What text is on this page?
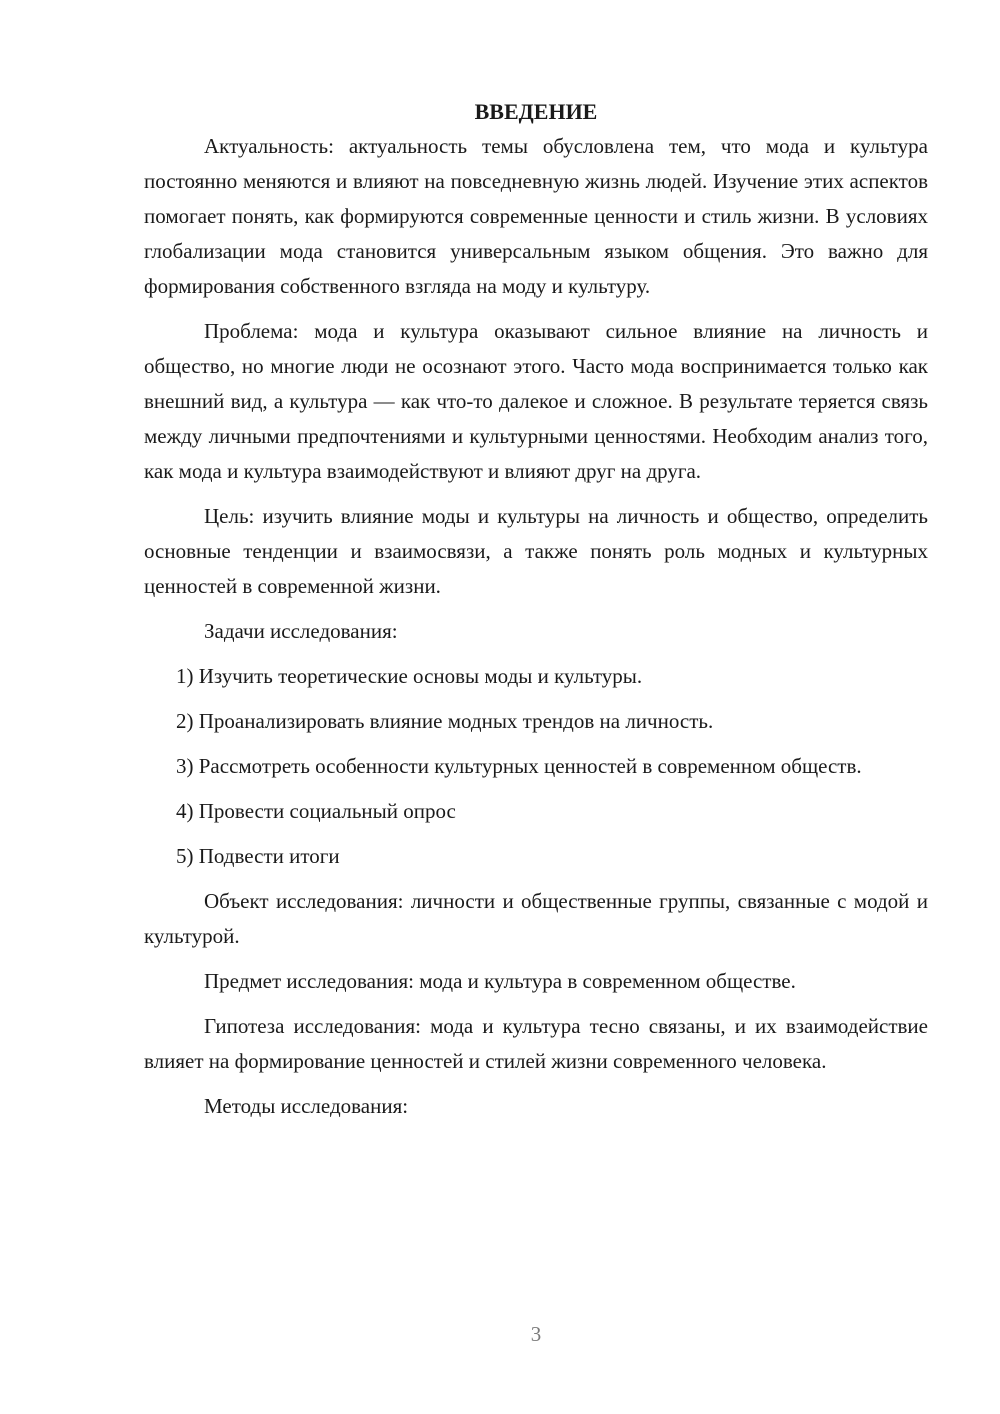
ВВЕДЕНИЕ

Актуальность: актуальность темы обусловлена тем, что мода и культура постоянно меняются и влияют на повседневную жизнь людей. Изучение этих аспектов помогает понять, как формируются современные ценности и стиль жизни. В условиях глобализации мода становится универсальным языком общения. Это важно для формирования собственного взгляда на моду и культуру.

Проблема: мода и культура оказывают сильное влияние на личность и общество, но многие люди не осознают этого. Часто мода воспринимается только как внешний вид, а культура — как что-то далекое и сложное. В результате теряется связь между личными предпочтениями и культурными ценностями. Необходим анализ того, как мода и культура взаимодействуют и влияют друг на друга.

Цель: изучить влияние моды и культуры на личность и общество, определить основные тенденции и взаимосвязи, а также понять роль модных и культурных ценностей в современной жизни.

Задачи исследования:

1) Изучить теоретические основы моды и культуры.

2) Проанализировать влияние модных трендов на личность.

3) Рассмотреть особенности культурных ценностей в современном обществ.

4) Провести социальный опрос

5) Подвести итоги

Объект исследования: личности и общественные группы, связанные с модой и культурой.

Предмет исследования: мода и культура в современном обществе.

Гипотеза исследования: мода и культура тесно связаны, и их взаимодействие влияет на формирование ценностей и стилей жизни современного человека.

Методы исследования:

3
